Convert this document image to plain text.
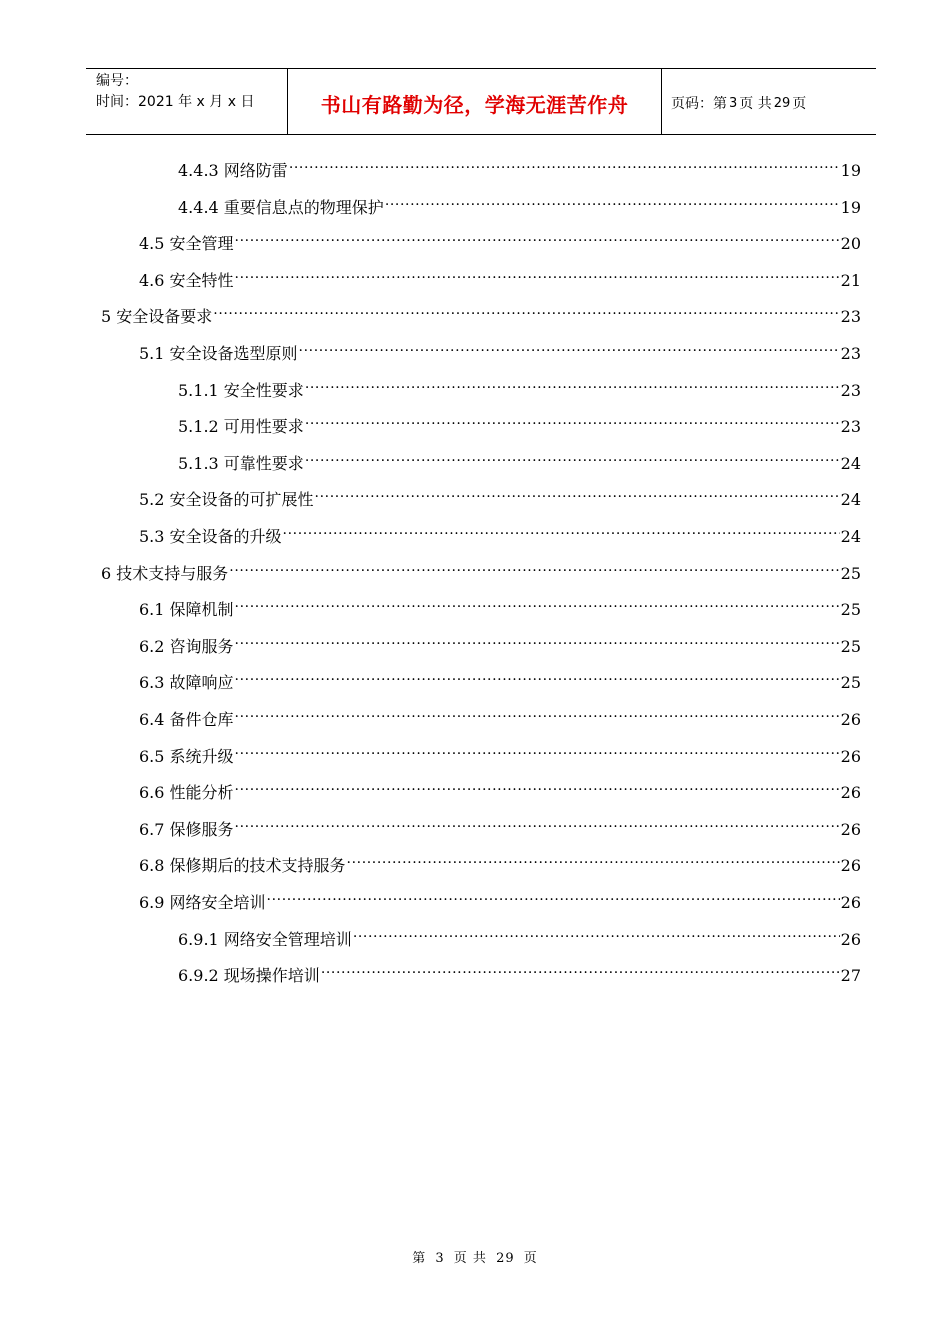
编号：
时间：2021 年 x 月 x 日	书山有路勤为径，学海无涯苦作舟	页码：第 3 页 共 29 页
4.4.3 网络防雷 .....	19
4.4.4 重要信息点的物理保护 .....	19
4.5 安全管理 .....	20
4.6 安全特性 .....	21
5 安全设备要求 .....	23
5.1 安全设备选型原则 .....	23
5.1.1 安全性要求 .....	23
5.1.2 可用性要求 .....	23
5.1.3 可靠性要求 .....	24
5.2 安全设备的可扩展性 .....	24
5.3 安全设备的升级 .....	24
6 技术支持与服务 .....	25
6.1 保障机制 .....	25
6.2 咨询服务 .....	25
6.3 故障响应 .....	25
6.4 备件仓库 .....	26
6.5 系统升级 .....	26
6.6 性能分析 .....	26
6.7 保修服务 .....	26
6.8 保修期后的技术支持服务 .....	26
6.9 网络安全培训 .....	26
6.9.1 网络安全管理培训 .....	26
6.9.2 现场操作培训 .....	27
第 3 页 共 29 页
